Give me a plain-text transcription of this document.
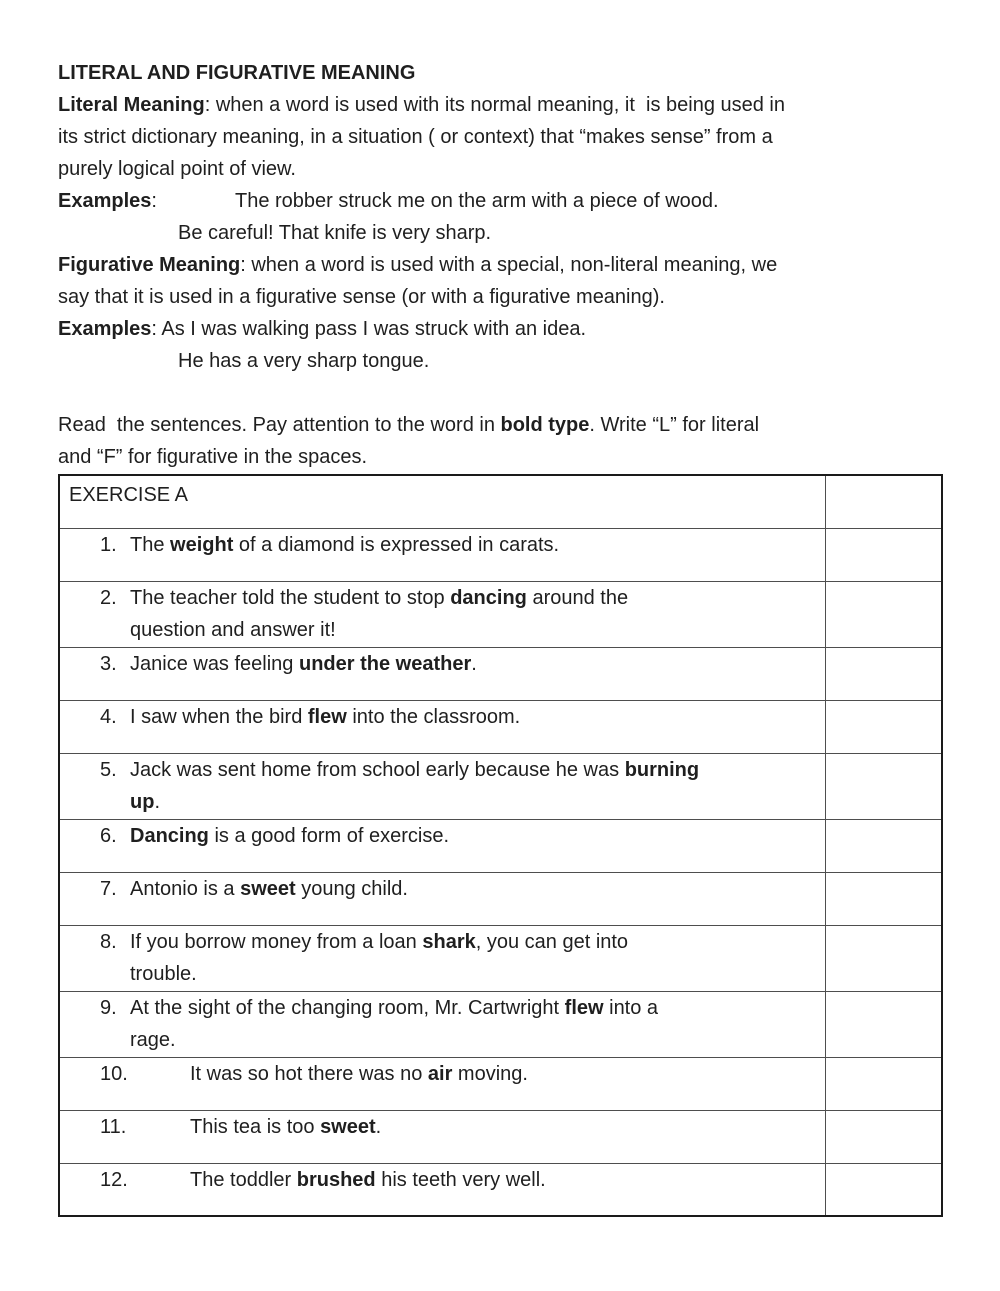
LITERAL AND FIGURATIVE MEANING
Literal Meaning: when a word is used with its normal meaning, it  is being used in
its strict dictionary meaning, in a situation ( or context) that “makes sense” from a
purely logical point of view.
Examples:	The robber struck me on the arm with a piece of wood.
Be careful! That knife is very sharp.
Figurative Meaning: when a word is used with a special, non-literal meaning, we
say that it is used in a figurative sense (or with a figurative meaning).
Examples: As I was walking pass I was struck with an idea.
He has a very sharp tongue.
Read  the sentences. Pay attention to the word in bold type. Write “L” for literal
and “F” for figurative in the spaces.
EXERCISE A	

1. The weight of a diamond is expressed in carats.	

2. The teacher told the student to stop dancing around the
question and answer it!	

3. Janice was feeling under the weather.	

4. I saw when the bird flew into the classroom.	

5. Jack was sent home from school early because he was burning
up.	

6. Dancing is a good form of exercise.	

7. Antonio is a sweet young child.	

8. If you borrow money from a loan shark, you can get into
trouble.	

9. At the sight of the changing room, Mr. Cartwright flew into a
rage.	

10. It was so hot there was no air moving.	

11. This tea is too sweet.	

12. The toddler brushed his teeth very well.	
